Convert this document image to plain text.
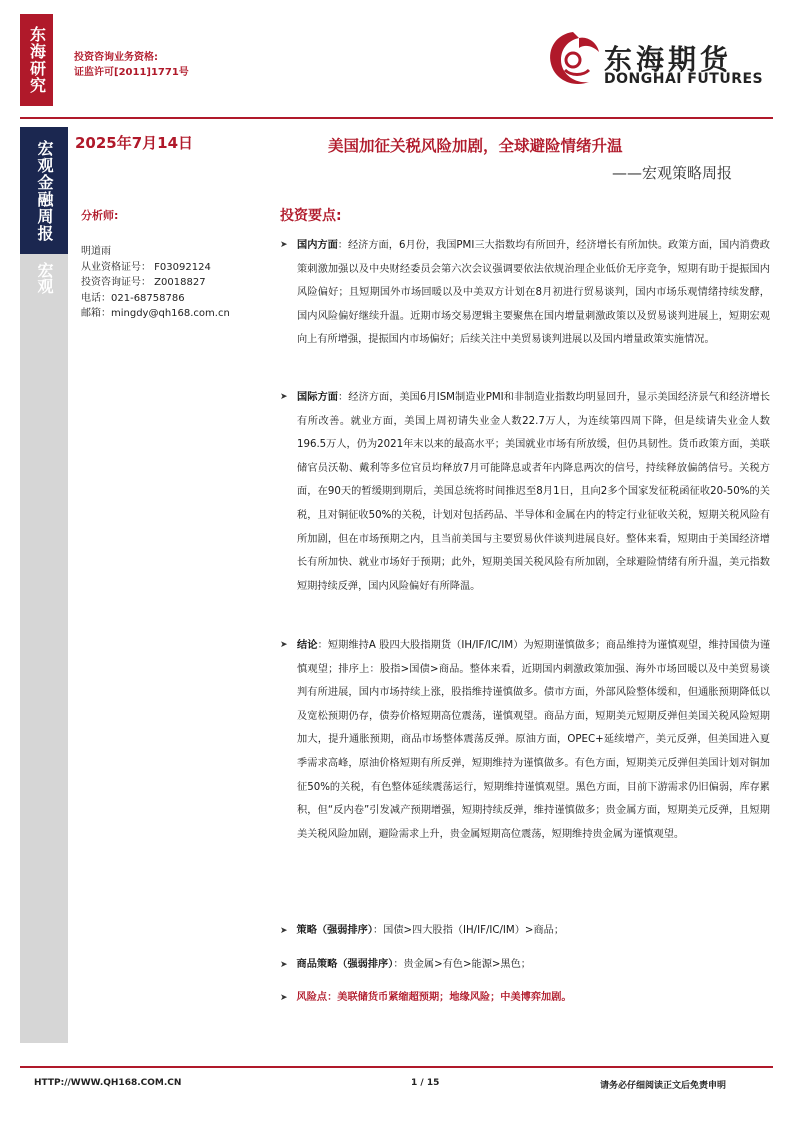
东海研究	投资咨询业务资格:
证监许可[2011]1771号	东海期货
DONGHAI FUTURES
宏观金融周报
宏观
2025年7月14日	美国加征关税风险加剧，全球避险情绪升温
——宏观策略周报
分析师:
明道雨
从业资格证号： F03092124
投资咨询证号： Z0018827
电话：021-68758786
邮箱：mingdy@qh168.com.cn
投资要点:
➤ 国内方面：经济方面，6月份，我国PMI三大指数均有所回升，经济增长有所加快。政策方面，国内消费政策刺激加强以及中央财经委员会第六次会议强调要依法依规治理企业低价无序竞争，短期有助于提振国内风险偏好；且短期国外市场回暖以及中美双方计划在8月初进行贸易谈判，国内市场乐观情绪持续发酵，国内风险偏好继续升温。近期市场交易逻辑主要聚焦在国内增量刺激政策以及贸易谈判进展上，短期宏观向上有所增强，提振国内市场偏好；后续关注中美贸易谈判进展以及国内增量政策实施情况。
➤ 国际方面：经济方面，美国6月ISM制造业PMI和非制造业指数均明显回升，显示美国经济景气和经济增长有所改善。就业方面，美国上周初请失业金人数22.7万人，为连续第四周下降，但是续请失业金人数 196.5万人，仍为2021年末以来的最高水平；美国就业市场有所放缓，但仍具韧性。货币政策方面，美联储官员沃勒、戴利等多位官员均释放7月可能降息或者年内降息两次的信号，持续释放偏鸽信号。关税方面，在90天的暂缓期到期后，美国总统将时间推迟至8月1日，且向2多个国家发征税函征收20-50%的关税，且对铜征收50%的关税，计划对包括药品、半导体和金属在内的特定行业征收关税，短期关税风险有所加剧，但在市场预期之内，且当前美国与主要贸易伙伴谈判进展良好。整体来看，短期由于美国经济增长有所加快、就业市场好于预期；此外，短期美国关税风险有所加剧，全球避险情绪有所升温，美元指数短期持续反弹，国内风险偏好有所降温。
➤ 结论：短期维持A 股四大股指期货（IH/IF/IC/IM）为短期谨慎做多；商品维持为谨慎观望，维持国债为谨慎观望；排序上：股指>国债>商品。整体来看，近期国内刺激政策加强、海外市场回暖以及中美贸易谈判有所进展，国内市场持续上涨，股指维持谨慎做多。债市方面，外部风险整体缓和，但通胀预期降低以及宽松预期仍存，债券价格短期高位震荡，谨慎观望。商品方面，短期美元短期反弹但美国关税风险短期加大，提升通胀预期，商品市场整体震荡反弹。原油方面，OPEC+延续增产，美元反弹，但美国进入夏季需求高峰，原油价格短期有所反弹，短期维持为谨慎做多。有色方面，短期美元反弹但美国计划对铜加征50%的关税，有色整体延续震荡运行，短期维持谨慎观望。黑色方面，目前下游需求仍旧偏弱，库存累积，但“反内卷”引发减产预期增强，短期持续反弹，维持谨慎做多；贵金属方面，短期美元反弹，且短期美关税风险加剧，避险需求上升，贵金属短期高位震荡，短期维持贵金属为谨慎观望。
➤ 策略（强弱排序）：国债>四大股指（IH/IF/IC/IM）>商品；
➤ 商品策略（强弱排序）：贵金属>有色>能源>黑色；
➤ 风险点：美联储货币紧缩超预期；地缘风险；中美博弈加剧。
HTTP://WWW.QH168.COM.CN	1 / 15	请务必仔细阅读正文后免责申明
